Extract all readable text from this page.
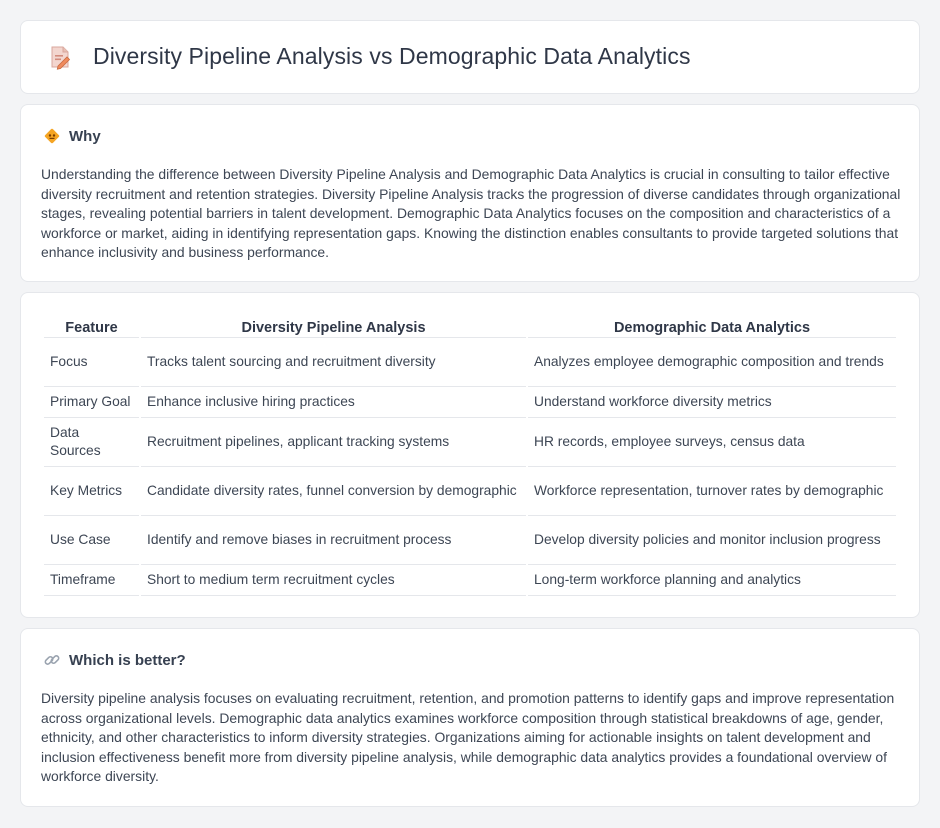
Diversity Pipeline Analysis vs Demographic Data Analytics
Why

Understanding the difference between Diversity Pipeline Analysis and Demographic Data Analytics is crucial in consulting to tailor effective diversity recruitment and retention strategies. Diversity Pipeline Analysis tracks the progression of diverse candidates through organizational stages, revealing potential barriers in talent development. Demographic Data Analytics focuses on the composition and characteristics of a workforce or market, aiding in identifying representation gaps. Knowing the distinction enables consultants to provide targeted solutions that enhance inclusivity and business performance.

Feature	Diversity Pipeline Analysis	Demographic Data Analytics
Focus	Tracks talent sourcing and recruitment diversity	Analyzes employee demographic composition and trends
Primary Goal	Enhance inclusive hiring practices	Understand workforce diversity metrics
Data Sources	Recruitment pipelines, applicant tracking systems	HR records, employee surveys, census data
Key Metrics	Candidate diversity rates, funnel conversion by demographic	Workforce representation, turnover rates by demographic
Use Case	Identify and remove biases in recruitment process	Develop diversity policies and monitor inclusion progress
Timeframe	Short to medium term recruitment cycles	Long-term workforce planning and analytics
Which is better?

Diversity pipeline analysis focuses on evaluating recruitment, retention, and promotion patterns to identify gaps and improve representation across organizational levels. Demographic data analytics examines workforce composition through statistical breakdowns of age, gender, ethnicity, and other characteristics to inform diversity strategies. Organizations aiming for actionable insights on talent development and inclusion effectiveness benefit more from diversity pipeline analysis, while demographic data analytics provides a foundational overview of workforce diversity.
